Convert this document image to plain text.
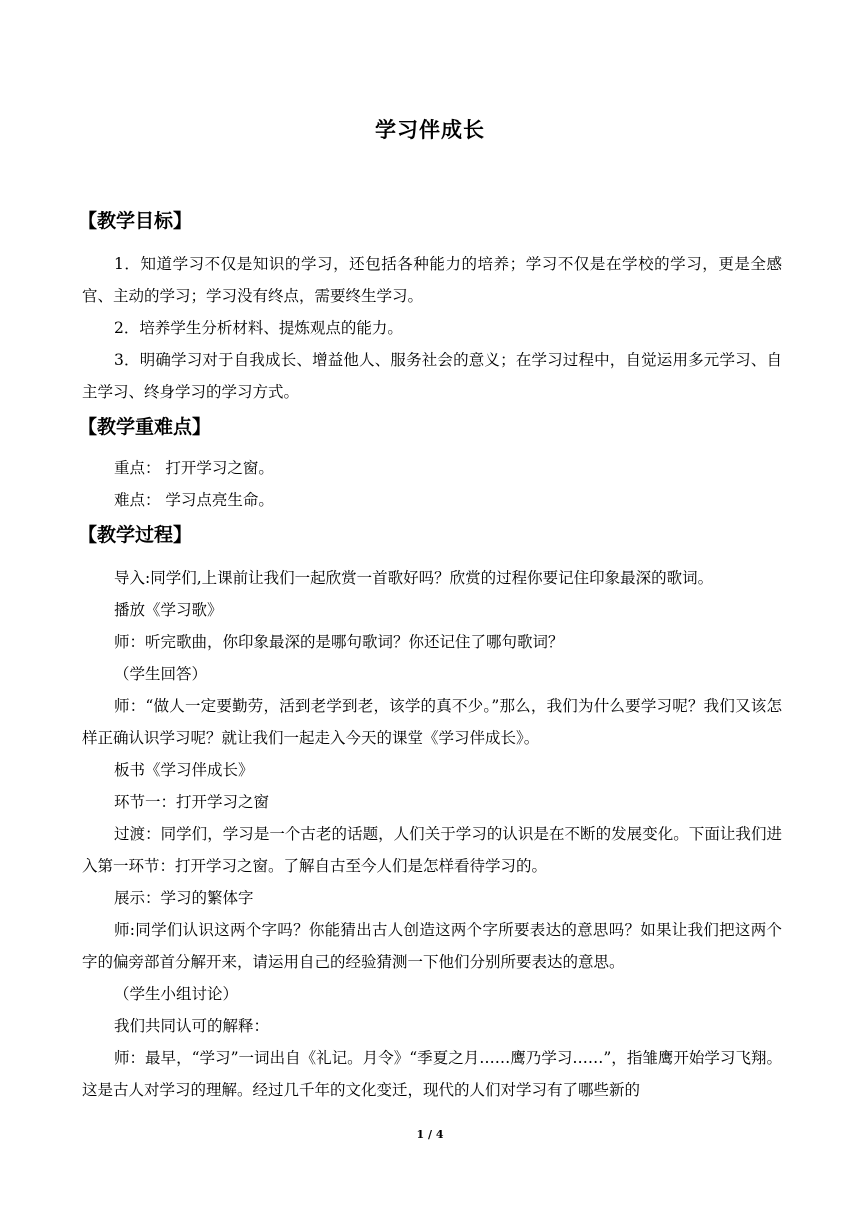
学习伴成长
【教学目标】
1．知道学习不仅是知识的学习，还包括各种能力的培养；学习不仅是在学校的学习，更是全感官、主动的学习；学习没有终点，需要终生学习。
2．培养学生分析材料、提炼观点的能力。
3．明确学习对于自我成长、增益他人、服务社会的意义；在学习过程中，自觉运用多元学习、自主学习、终身学习的学习方式。
【教学重难点】
重点： 打开学习之窗。
难点： 学习点亮生命。
【教学过程】
导入:同学们,上课前让我们一起欣赏一首歌好吗？欣赏的过程你要记住印象最深的歌词。
播放《学习歌》
师：听完歌曲，你印象最深的是哪句歌词？你还记住了哪句歌词？
（学生回答）
师：“做人一定要勤劳，活到老学到老，该学的真不少。”那么，我们为什么要学习呢？我们又该怎样正确认识学习呢？就让我们一起走入今天的课堂《学习伴成长》。
板书《学习伴成长》
环节一：打开学习之窗
过渡：同学们，学习是一个古老的话题，人们关于学习的认识是在不断的发展变化。下面让我们进入第一环节：打开学习之窗。了解自古至今人们是怎样看待学习的。
展示：学习的繁体字
师:同学们认识这两个字吗？你能猜出古人创造这两个字所要表达的意思吗？如果让我们把这两个字的偏旁部首分解开来，请运用自己的经验猜测一下他们分别所要表达的意思。
（学生小组讨论）
我们共同认可的解释：
师：最早，“学习”一词出自《礼记。月令》“季夏之月……鹰乃学习……”，指雏鹰开始学习飞翔。这是古人对学习的理解。经过几千年的文化变迁，现代的人们对学习有了哪些新的
1 / 4
